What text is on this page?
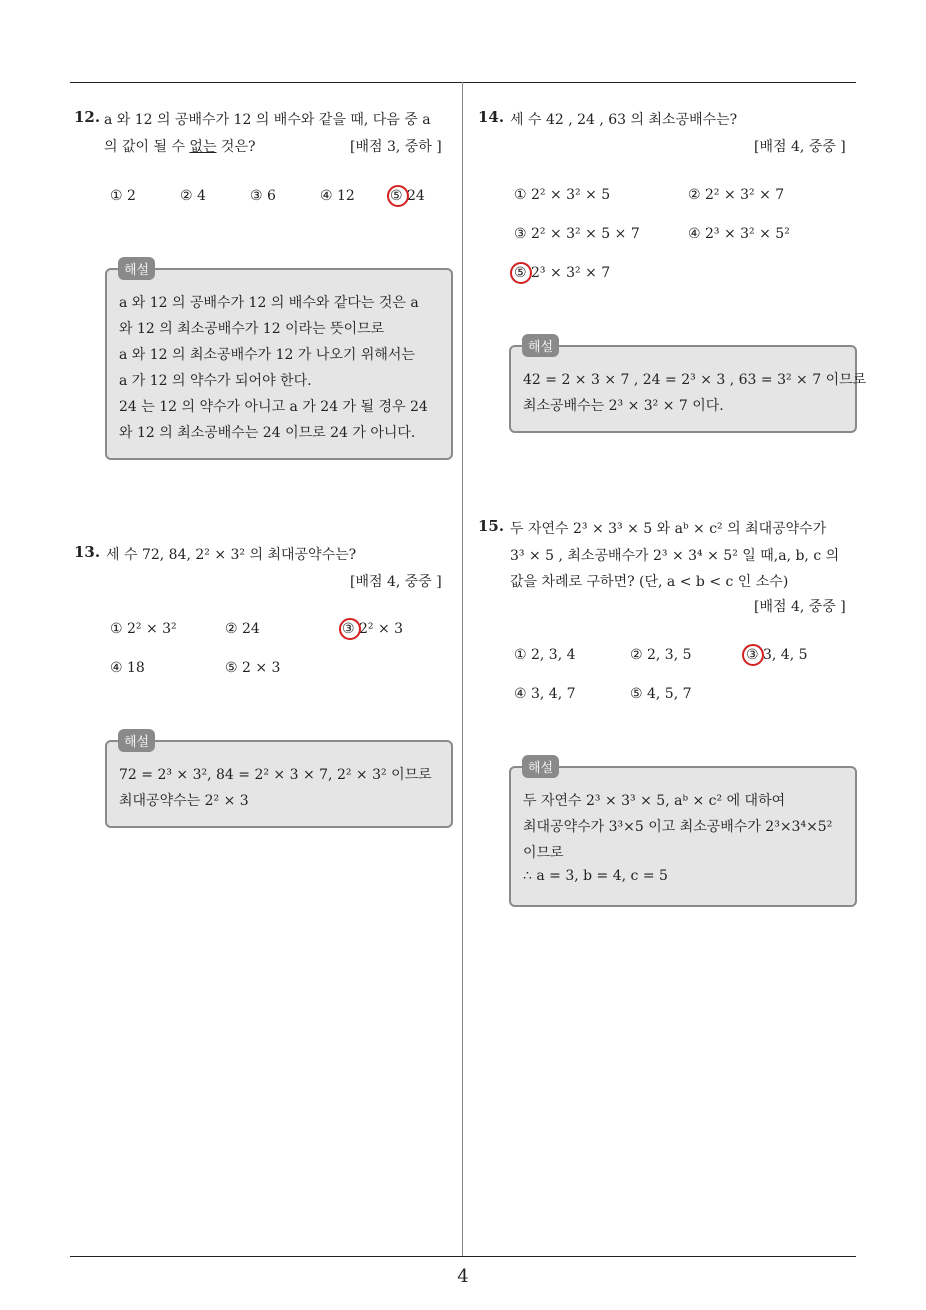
4
12. a 와 12 의 공배수가 12 의 배수와 같을 때, 다음 중 a
의 값이 될 수 없는 것은?	[배점 3, 중하 ]
① 2	② 4	③ 6	④ 12	⑤ 24
a 와 12 의 공배수가 12 의 배수와 같다는 것은 a
와 12 의 최소공배수가 12 이라는 뜻이므로
a 와 12 의 최소공배수가 12 가 나오기 위해서는
a 가 12 의 약수가 되어야 한다.
24 는 12 의 약수가 아니고 a 가 24 가 될 경우 24
와 12 의 최소공배수는 24 이므로 24 가 아니다.
해설
13. 세 수 72, 84, 2² × 3² 의 최대공약수는?
[배점 4, 중중 ]
① 2² × 3²	② 24	③ 2² × 3
④ 18	⑤ 2 × 3
72 = 2³ × 3², 84 = 2² × 3 × 7, 2² × 3² 이므로
최대공약수는 2² × 3
해설
14. 세 수 42 , 24 , 63 의 최소공배수는?
[배점 4, 중중 ]
① 2² × 3² × 5	② 2² × 3² × 7
③ 2² × 3² × 5 × 7	④ 2³ × 3² × 5²
⑤ 2³ × 3² × 7
42 = 2 × 3 × 7 , 24 = 2³ × 3 , 63 = 3² × 7 이므로
최소공배수는 2³ × 3² × 7 이다.
해설
15. 두 자연수 2³ × 3³ × 5 와 aᵇ × c² 의 최대공약수가
3³ × 5 , 최소공배수가 2³ × 3⁴ × 5² 일 때,a, b, c 의
값을 차례로 구하면? (단, a < b < c 인 소수)
[배점 4, 중중 ]
① 2, 3, 4	② 2, 3, 5	③ 3, 4, 5
④ 3, 4, 7	⑤ 4, 5, 7
두 자연수 2³ × 3³ × 5, aᵇ × c² 에 대하여
최대공약수가 3³×5 이고 최소공배수가 2³×3⁴×5²
이므로
∴ a = 3, b = 4, c = 5
해설
